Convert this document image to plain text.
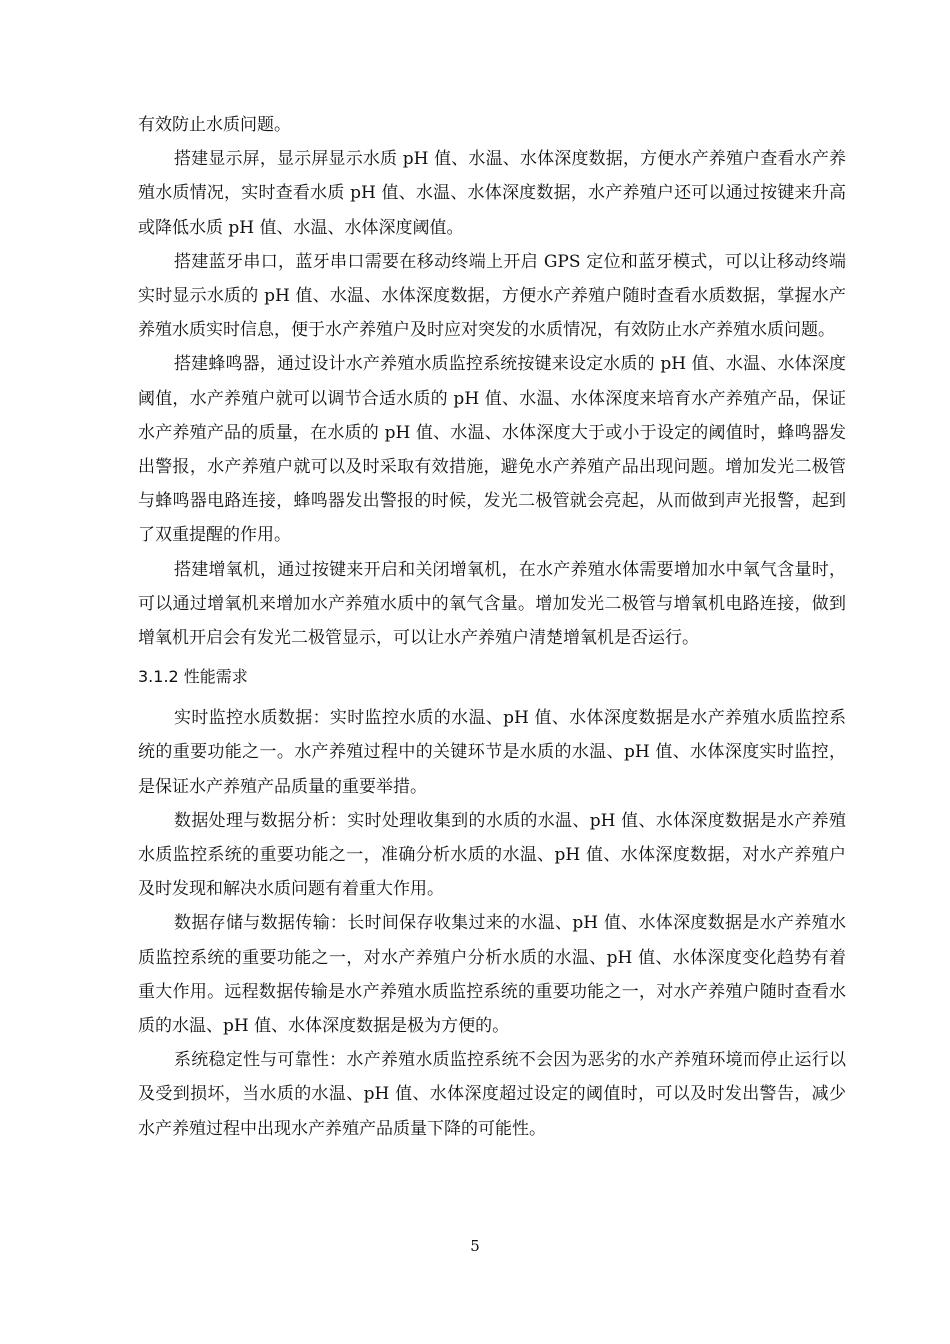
有效防止水质问题。

搭建显示屏，显示屏显示水质 pH 值、水温、水体深度数据，方便水产养殖户查看水产养殖水质情况，实时查看水质 pH 值、水温、水体深度数据，水产养殖户还可以通过按键来升高或降低水质 pH 值、水温、水体深度阈值。

搭建蓝牙串口，蓝牙串口需要在移动终端上开启 GPS 定位和蓝牙模式，可以让移动终端实时显示水质的 pH 值、水温、水体深度数据，方便水产养殖户随时查看水质数据，掌握水产养殖水质实时信息，便于水产养殖户及时应对突发的水质情况，有效防止水产养殖水质问题。

搭建蜂鸣器，通过设计水产养殖水质监控系统按键来设定水质的 pH 值、水温、水体深度阈值，水产养殖户就可以调节合适水质的 pH 值、水温、水体深度来培育水产养殖产品，保证水产养殖产品的质量，在水质的 pH 值、水温、水体深度大于或小于设定的阈值时，蜂鸣器发出警报，水产养殖户就可以及时采取有效措施，避免水产养殖产品出现问题。增加发光二极管与蜂鸣器电路连接，蜂鸣器发出警报的时候，发光二极管就会亮起，从而做到声光报警，起到了双重提醒的作用。

搭建增氧机，通过按键来开启和关闭增氧机，在水产养殖水体需要增加水中氧气含量时，可以通过增氧机来增加水产养殖水质中的氧气含量。增加发光二极管与增氧机电路连接，做到增氧机开启会有发光二极管显示，可以让水产养殖户清楚增氧机是否运行。

3.1.2 性能需求

实时监控水质数据：实时监控水质的水温、pH 值、水体深度数据是水产养殖水质监控系统的重要功能之一。水产养殖过程中的关键环节是水质的水温、pH 值、水体深度实时监控，是保证水产养殖产品质量的重要举措。

数据处理与数据分析：实时处理收集到的水质的水温、pH 值、水体深度数据是水产养殖水质监控系统的重要功能之一，准确分析水质的水温、pH 值、水体深度数据，对水产养殖户及时发现和解决水质问题有着重大作用。

数据存储与数据传输：长时间保存收集过来的水温、pH 值、水体深度数据是水产养殖水质监控系统的重要功能之一，对水产养殖户分析水质的水温、pH 值、水体深度变化趋势有着重大作用。远程数据传输是水产养殖水质监控系统的重要功能之一，对水产养殖户随时查看水质的水温、pH 值、水体深度数据是极为方便的。

系统稳定性与可靠性：水产养殖水质监控系统不会因为恶劣的水产养殖环境而停止运行以及受到损坏，当水质的水温、pH 值、水体深度超过设定的阈值时，可以及时发出警告，减少水产养殖过程中出现水产养殖产品质量下降的可能性。

5
